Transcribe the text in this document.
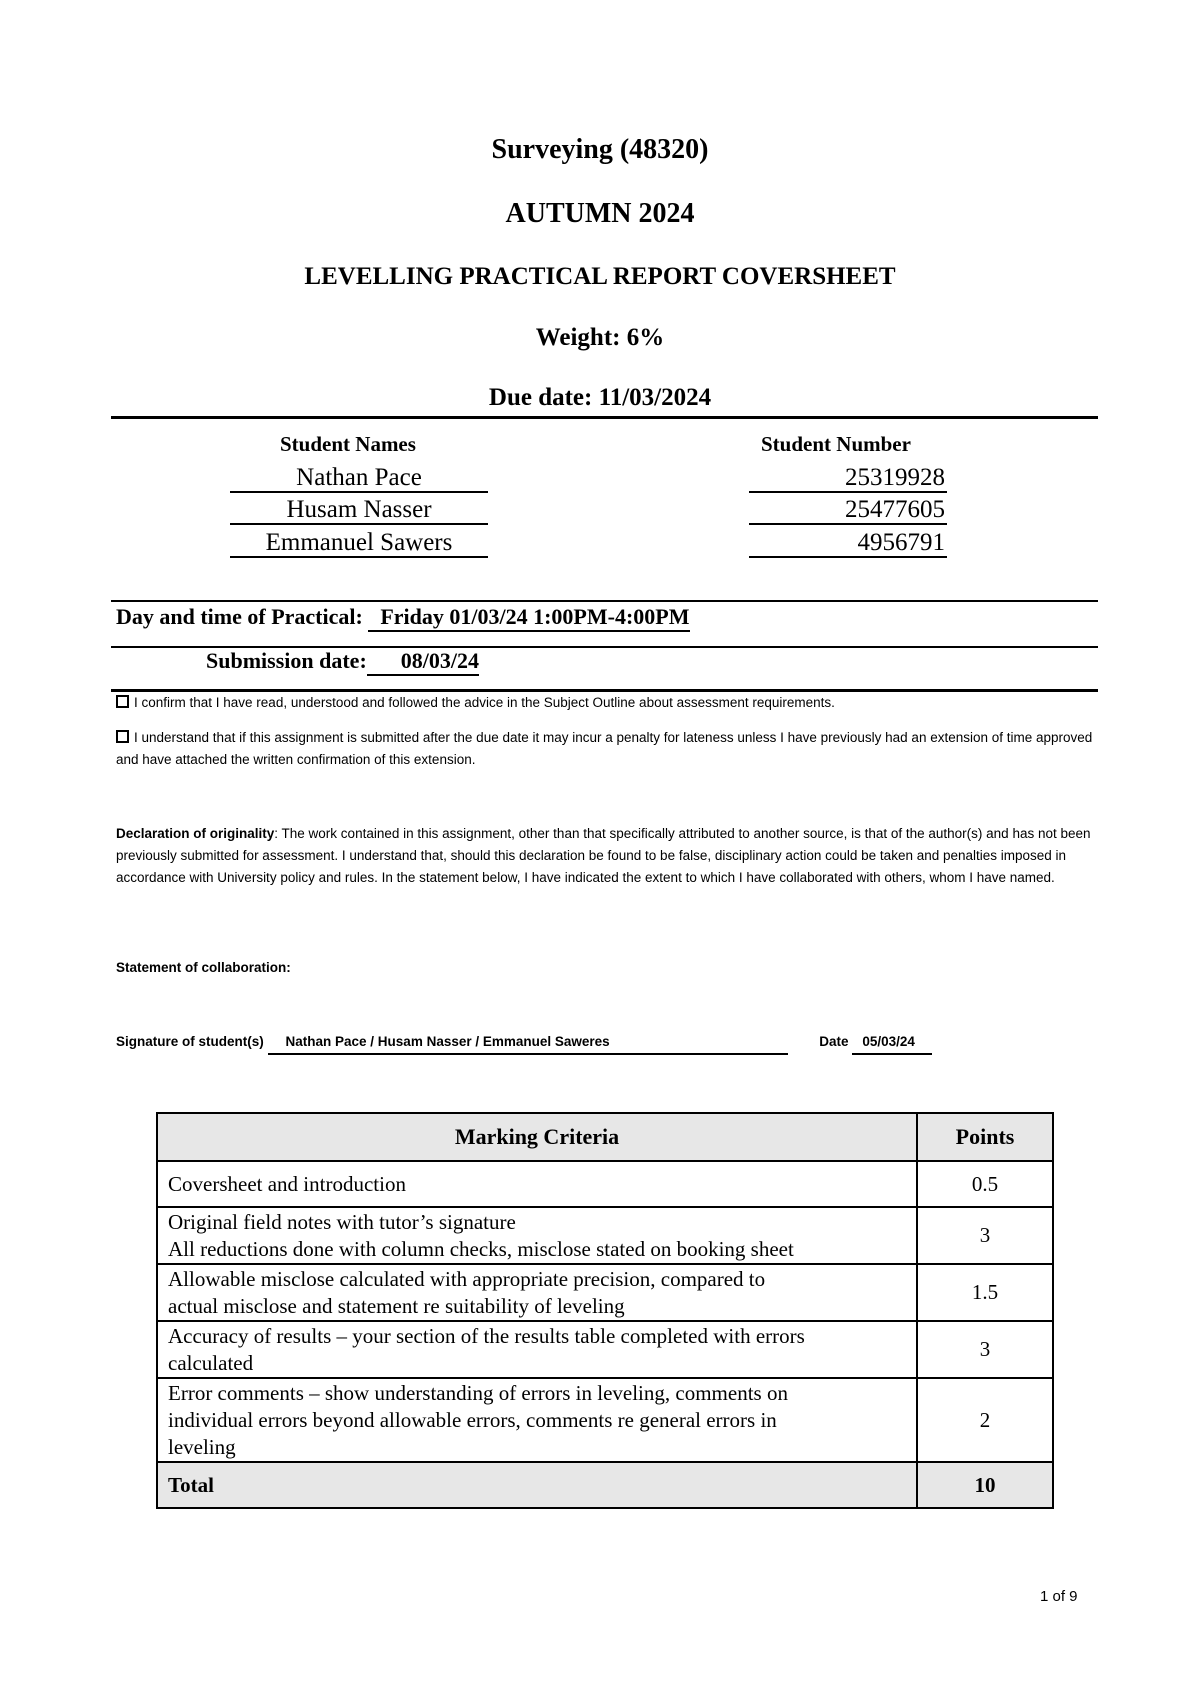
Surveying (48320)
AUTUMN 2024
LEVELLING PRACTICAL REPORT COVERSHEET
Weight: 6%
Due date: 11/03/2024
Student Names	Student Number
Nathan Pace	25319928
Husam Nasser	25477605
Emmanuel Sawers	4956791
Day and time of Practical: Friday 01/03/24 1:00PM-4:00PM
Submission date: 08/03/24
I confirm that I have read, understood and followed the advice in the Subject Outline about assessment requirements.
I understand that if this assignment is submitted after the due date it may incur a penalty for lateness unless I have previously had an extension of time approved and have attached the written confirmation of this extension.
Declaration of originality: The work contained in this assignment, other than that specifically attributed to another source, is that of the author(s) and has not been previously submitted for assessment. I understand that, should this declaration be found to be false, disciplinary action could be taken and penalties imposed in accordance with University policy and rules. In the statement below, I have indicated the extent to which I have collaborated with others, whom I have named.
Statement of collaboration:
Signature of student(s) Nathan Pace / Husam Nasser / Emmanuel Saweres	Date 05/03/24
Marking Criteria	Points

Coversheet and introduction	0.5

Original field notes with tutor’s signature
All reductions done with column checks, misclose stated on booking sheet	3

Allowable misclose calculated with appropriate precision, compared to
actual misclose and statement re suitability of leveling	1.5

Accuracy of results – your section of the results table completed with errors
calculated	3

Error comments – show understanding of errors in leveling, comments on
individual errors beyond allowable errors, comments re general errors in
leveling	2
Total	10
1 of 9
